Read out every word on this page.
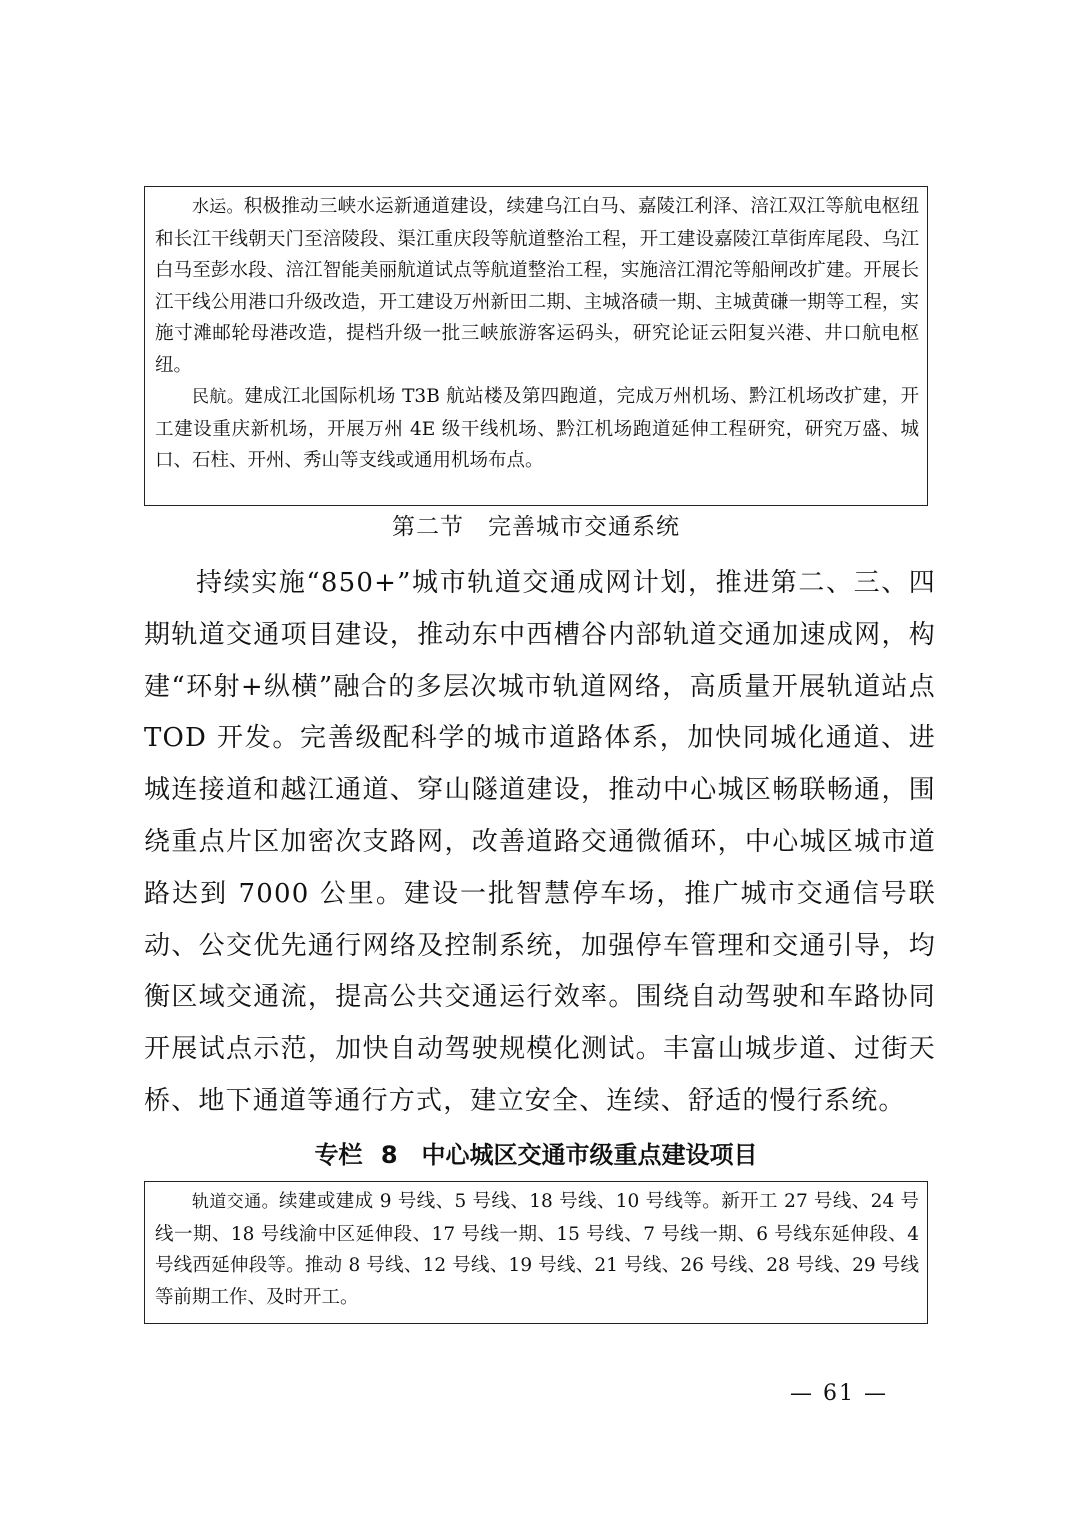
水运。积极推动三峡水运新通道建设，续建乌江白马、嘉陵江利泽、涪江双江等航电枢纽和长江干线朝天门至涪陵段、渠江重庆段等航道整治工程，开工建设嘉陵江草街库尾段、乌江白马至彭水段、涪江智能美丽航道试点等航道整治工程，实施涪江渭沱等船闸改扩建。开展长江干线公用港口升级改造，开工建设万州新田二期、主城洛碛一期、主城黄磏一期等工程，实施寸滩邮轮母港改造，提档升级一批三峡旅游客运码头，研究论证云阳复兴港、井口航电枢纽。

民航。建成江北国际机场 T3B 航站楼及第四跑道，完成万州机场、黔江机场改扩建，开工建设重庆新机场，开展万州 4E 级干线机场、黔江机场跑道延伸工程研究，研究万盛、城口、石柱、开州、秀山等支线或通用机场布点。

第二节　完善城市交通系统

持续实施“850+”城市轨道交通成网计划，推进第二、三、四期轨道交通项目建设，推动东中西槽谷内部轨道交通加速成网，构建“环射+纵横”融合的多层次城市轨道网络，高质量开展轨道站点 TOD 开发。完善级配科学的城市道路体系，加快同城化通道、进城连接道和越江通道、穿山隧道建设，推动中心城区畅联畅通，围绕重点片区加密次支路网，改善道路交通微循环，中心城区城市道路达到 7000 公里。建设一批智慧停车场，推广城市交通信号联动、公交优先通行网络及控制系统，加强停车管理和交通引导，均衡区域交通流，提高公共交通运行效率。围绕自动驾驶和车路协同开展试点示范，加快自动驾驶规模化测试。丰富山城步道、过街天桥、地下通道等通行方式，建立安全、连续、舒适的慢行系统。

专栏 8　中心城区交通市级重点建设项目

轨道交通。续建或建成 9 号线、5 号线、18 号线、10 号线等。新开工 27 号线、24 号线一期、18 号线渝中区延伸段、17 号线一期、15 号线、7 号线一期、6 号线东延伸段、4 号线西延伸段等。推动 8 号线、12 号线、19 号线、21 号线、26 号线、28 号线、29 号线等前期工作、及时开工。

— 61 —
